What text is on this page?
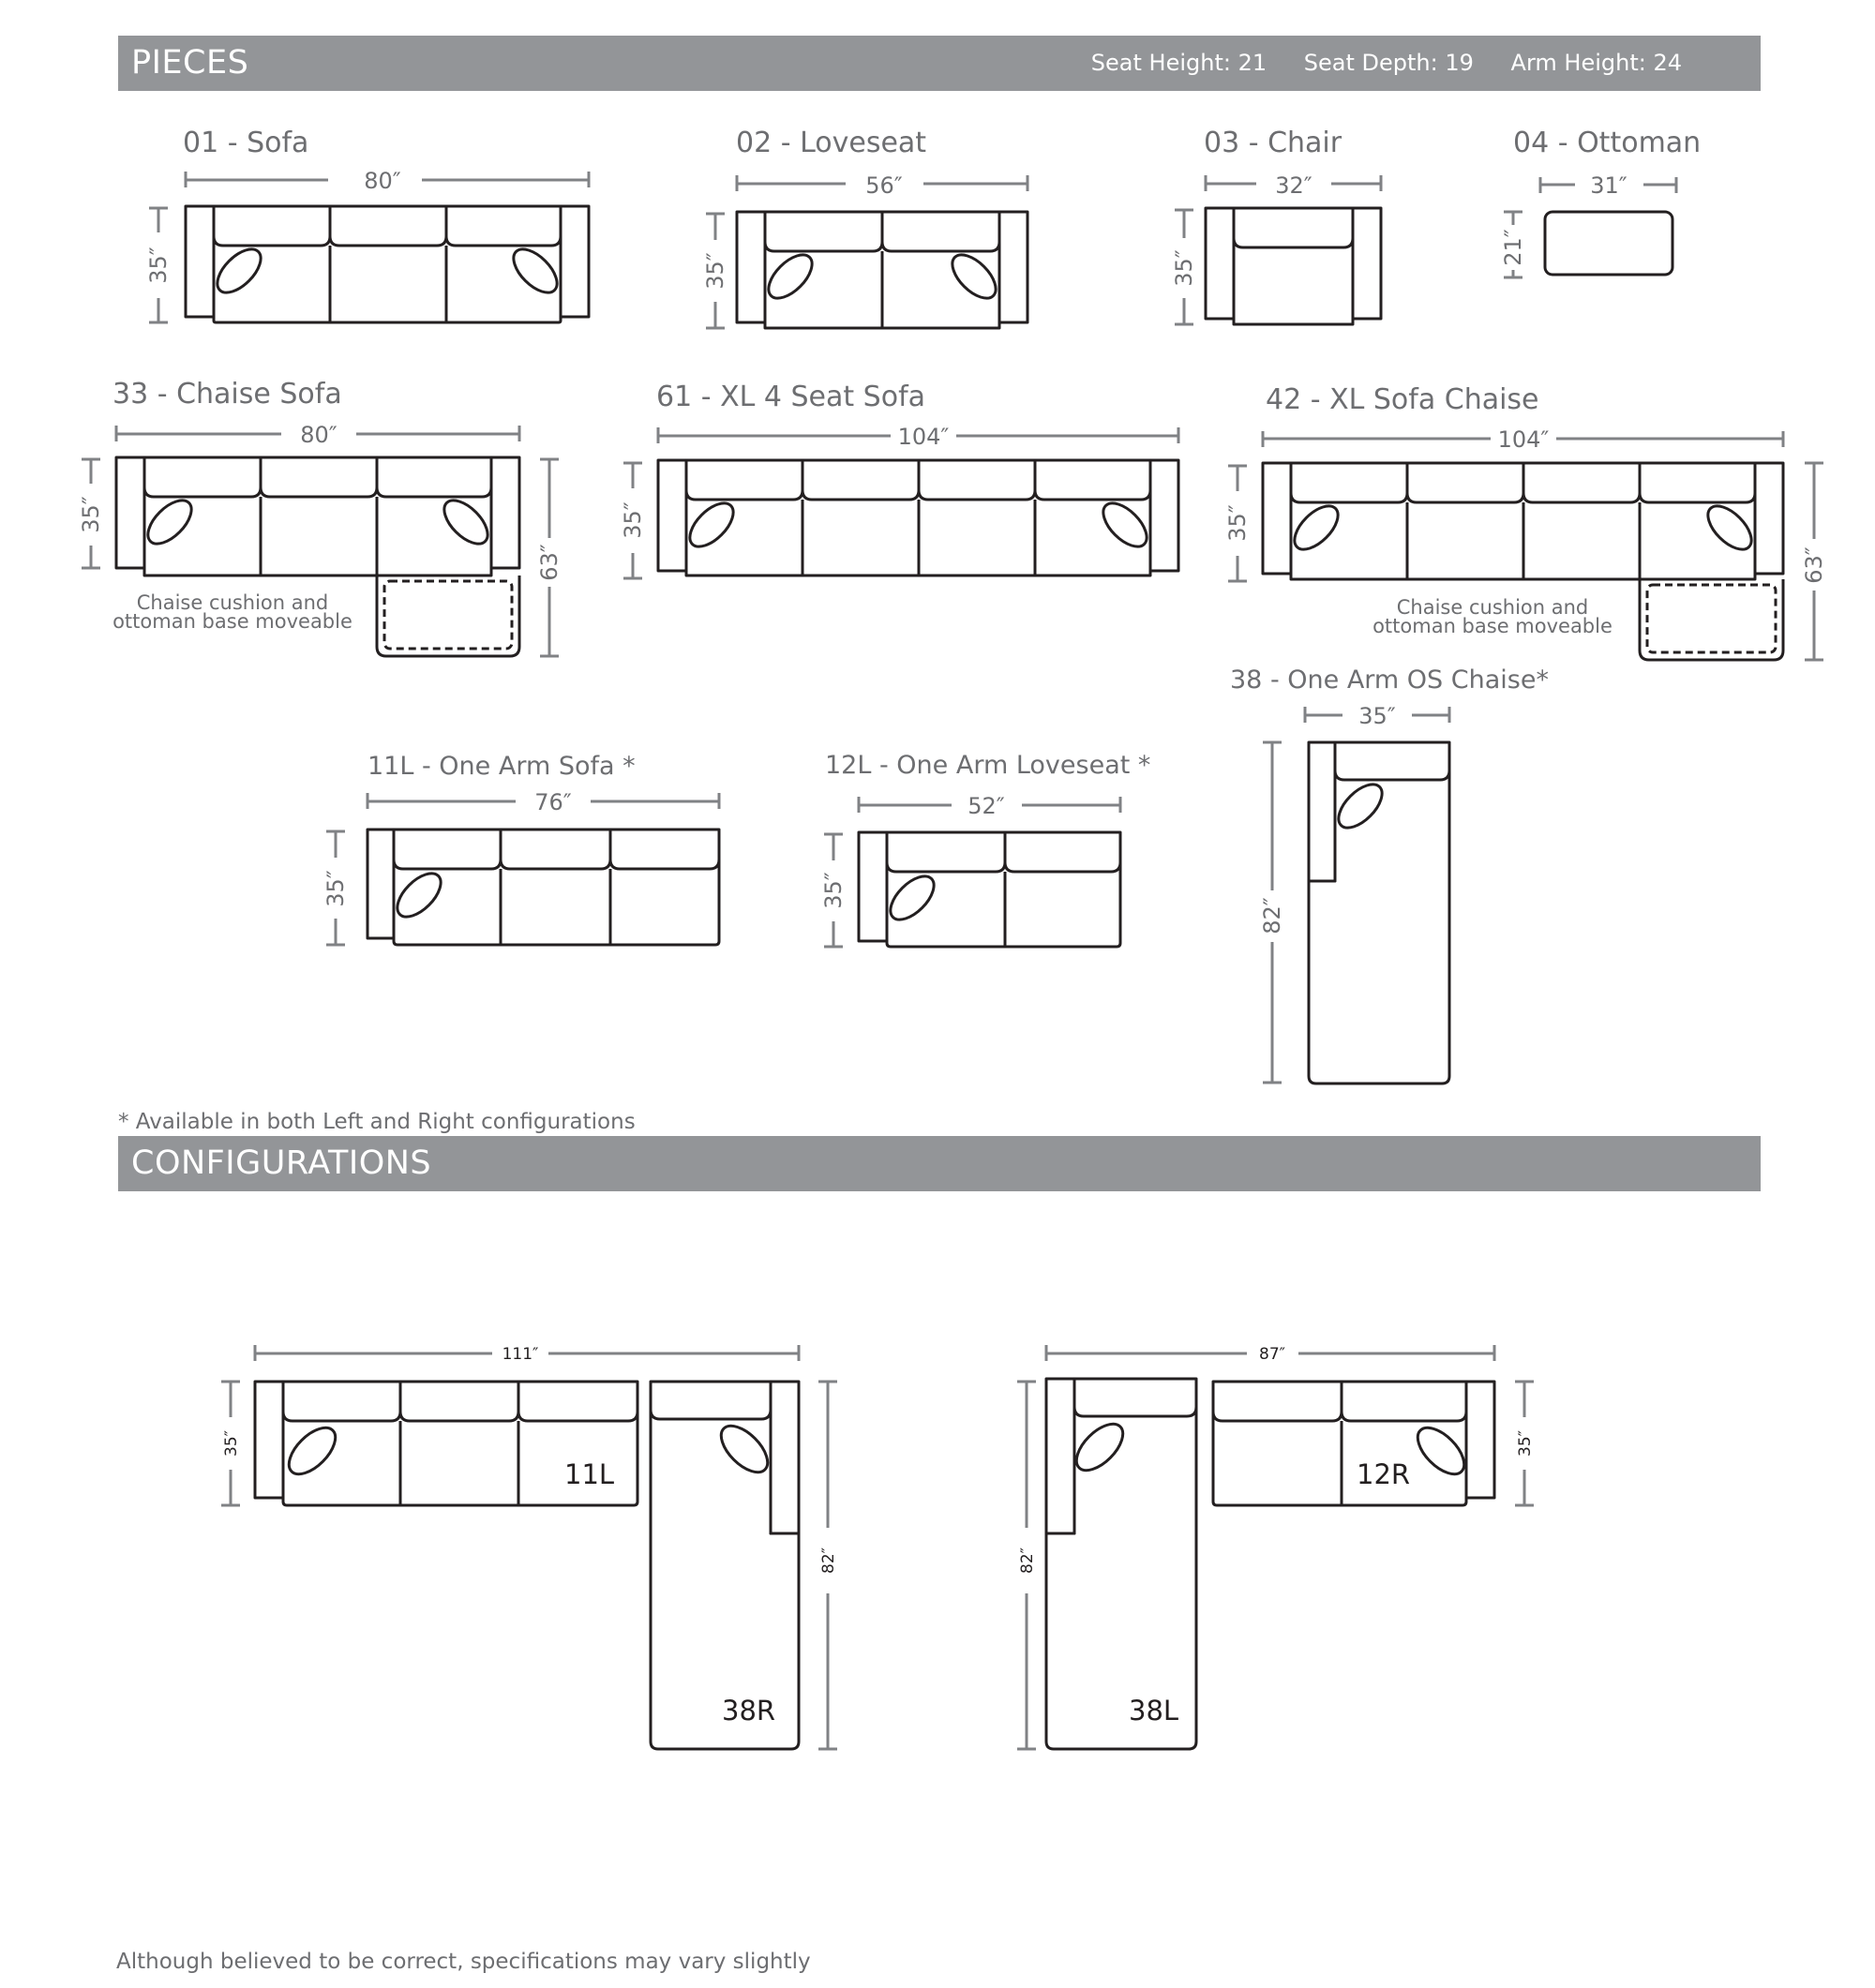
PIECES	Seat Height: 21 Seat Depth: 19 Arm Height: 24
CONFIGURATIONS
01 - Sofa
80″
35″
02 - Loveseat
56″
35″
03 - Chair
32″
35″
04 - Ottoman
31″
21″
33 - Chaise Sofa
80″
35″
63″
Chaise cushion and
ottoman base moveable
61 - XL 4 Seat Sofa
104″
35″
42 - XL Sofa Chaise
104″
35″
63″
Chaise cushion and
ottoman base moveable
38 - One Arm OS Chaise*
35″
82″
11L - One Arm Sofa *
76″
35″
12L - One Arm Loveseat *
52″
35″
111″
35″
82″
11L
38R
87″
82″
35″
12R
38L
* Available in both Left and Right configurations
Although believed to be correct, specifications may vary slightly
